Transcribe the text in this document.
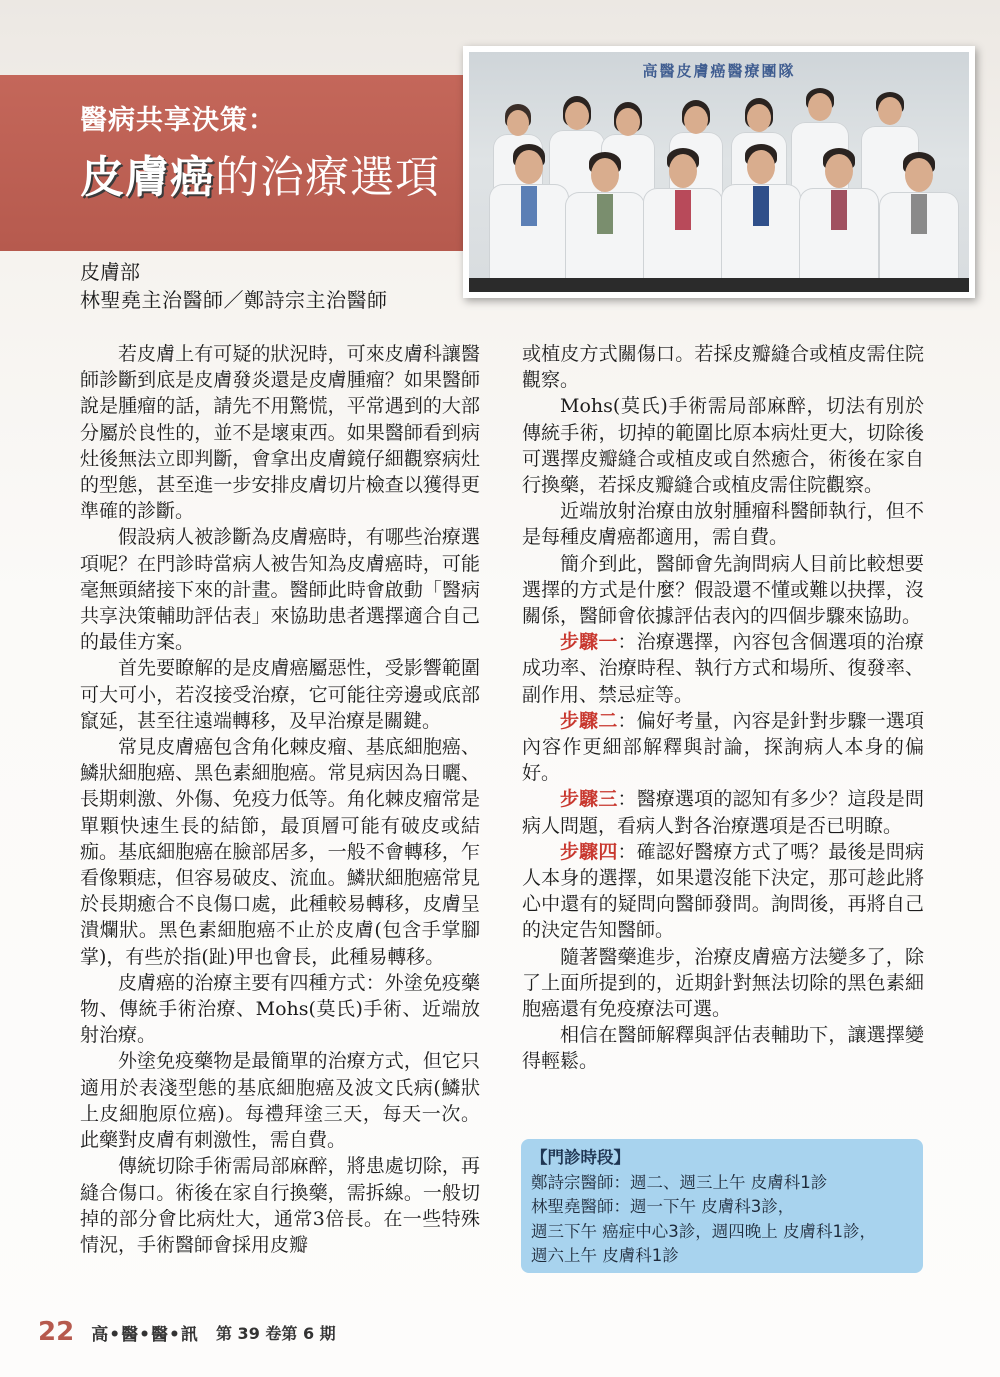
醫病共享決策：
皮膚癌的治療選項
高醫皮膚癌醫療團隊
皮膚部
林聖堯主治醫師／鄭詩宗主治醫師

若皮膚上有可疑的狀況時，可來皮膚科讓醫師診斷到底是皮膚發炎還是皮膚腫瘤？如果醫師說是腫瘤的話，請先不用驚慌，平常遇到的大部分屬於良性的，並不是壞東西。如果醫師看到病灶後無法立即判斷，會拿出皮膚鏡仔細觀察病灶的型態，甚至進一步安排皮膚切片檢查以獲得更準確的診斷。

假設病人被診斷為皮膚癌時，有哪些治療選項呢？在門診時當病人被告知為皮膚癌時，可能毫無頭緒接下來的計畫。醫師此時會啟動「醫病共享決策輔助評估表」來協助患者選擇適合自己的最佳方案。

首先要瞭解的是皮膚癌屬惡性，受影響範圍可大可小，若沒接受治療，它可能往旁邊或底部竄延，甚至往遠端轉移，及早治療是關鍵。

常見皮膚癌包含角化棘皮瘤、基底細胞癌、鱗狀細胞癌、黑色素細胞癌。常見病因為日曬、長期刺激、外傷、免疫力低等。角化棘皮瘤常是單顆快速生長的結節，最頂層可能有破皮或結痂。基底細胞癌在臉部居多，一般不會轉移，乍看像顆痣，但容易破皮、流血。鱗狀細胞癌常見於長期癒合不良傷口處，此種較易轉移，皮膚呈潰爛狀。黑色素細胞癌不止於皮膚(包含手掌腳掌)，有些於指(趾)甲也會長，此種易轉移。

皮膚癌的治療主要有四種方式：外塗免疫藥物、傳統手術治療、Mohs(莫氏)手術、近端放射治療。

外塗免疫藥物是最簡單的治療方式，但它只適用於表淺型態的基底細胞癌及波文氏病(鱗狀上皮細胞原位癌)。每禮拜塗三天，每天一次。此藥對皮膚有刺激性，需自費。

傳統切除手術需局部麻醉，將患處切除，再縫合傷口。術後在家自行換藥，需拆線。一般切掉的部分會比病灶大，通常3倍長。在一些特殊情況，手術醫師會採用皮瓣

或植皮方式關傷口。若採皮瓣縫合或植皮需住院觀察。

Mohs(莫氏)手術需局部麻醉，切法有別於傳統手術，切掉的範圍比原本病灶更大，切除後可選擇皮瓣縫合或植皮或自然癒合，術後在家自行換藥，若採皮瓣縫合或植皮需住院觀察。

近端放射治療由放射腫瘤科醫師執行，但不是每種皮膚癌都適用，需自費。

簡介到此，醫師會先詢問病人目前比較想要選擇的方式是什麼？假設還不懂或難以抉擇，沒關係，醫師會依據評估表內的四個步驟來協助。

步驟一：治療選擇，內容包含個選項的治療成功率、治療時程、執行方式和場所、復發率、副作用、禁忌症等。

步驟二：偏好考量，內容是針對步驟一選項內容作更細部解釋與討論，探詢病人本身的偏好。

步驟三：醫療選項的認知有多少？這段是問病人問題，看病人對各治療選項是否已明瞭。

步驟四：確認好醫療方式了嗎？最後是問病人本身的選擇，如果還沒能下決定，那可趁此將心中還有的疑問向醫師發問。詢問後，再將自己的決定告知醫師。

隨著醫藥進步，治療皮膚癌方法變多了，除了上面所提到的，近期針對無法切除的黑色素細胞癌還有免疫療法可選。

相信在醫師解釋與評估表輔助下，讓選擇變得輕鬆。

【門診時段】
鄭詩宗醫師：週二、週三上午 皮膚科1診
林聖堯醫師：週一下午 皮膚科3診，
週三下午 癌症中心3診，週四晚上 皮膚科1診，
週六上午 皮膚科1診
22 高•醫•醫•訊 第 39 卷第 6 期
